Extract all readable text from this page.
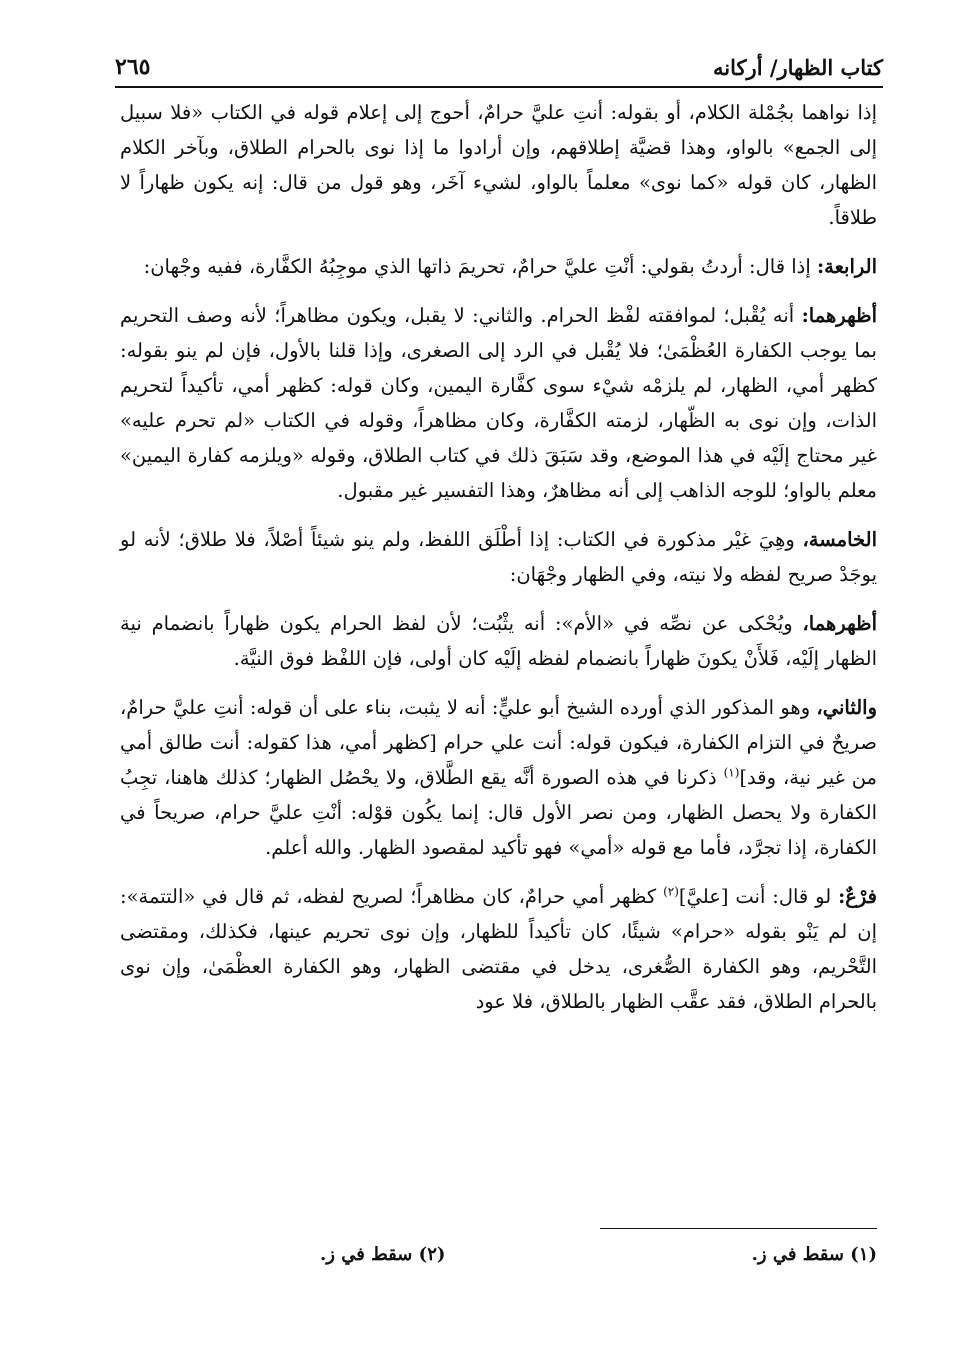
كتاب الظهار/ أركانه
٢٦٥

إذا نواهما بجُمْلة الكلام، أو بقوله: أنتِ عليَّ حرامٌ، أحوج إلى إعلام قوله في الكتاب «فلا سبيل إلى الجمع» بالواو، وهذا قضيَّة إطلاقهم، وإن أرادوا ما إذا نوى بالحرام الطلاق، وبآخر الكلام الظهار، كان قوله «كما نوى» معلماً بالواو، لشيء آخَر، وهو قول من قال: إنه يكون ظهاراً لا طلاقاً.

الرابعة: إذا قال: أردتُ بقولي: أنْتِ عليَّ حرامٌ، تحريمَ ذاتها الذي موجِبُهُ الكفَّارة، ففيه وجْهان:

أظهرهما: أنه يُقْبل؛ لموافقته لفْظ الحرام. والثاني: لا يقبل، ويكون مظاهراً؛ لأنه وصف التحريم بما يوجب الكفارة العُظْمَىٰ؛ فلا يُقْبل في الرد إلى الصغرى، وإذا قلنا بالأول، فإن لم ينو بقوله: كظهر أمي، الظهار، لم يلزمْه شيْء سوى كفَّارة اليمين، وكان قوله: كظهر أمي، تأكيداً لتحريم الذات، وإن نوى به الظّهار، لزمته الكفَّارة، وكان مظاهراً، وقوله في الكتاب «لم تحرم عليه» غير محتاج إلَيْه في هذا الموضع، وقد سَبَقَ ذلك في كتاب الطلاق، وقوله «ويلزمه كفارة اليمين» معلم بالواو؛ للوجه الذاهب إلى أنه مظاهرٌ، وهذا التفسير غير مقبول.

الخامسة، وهِيَ غيْر مذكورة في الكتاب: إذا أطْلَق اللفظ، ولم ينو شيئاً أصْلاً، فلا طلاق؛ لأنه لو يوجَدْ صريح لفظه ولا نيته، وفي الظهار وجْهَان:

أظهرهما، ويُحْكى عن نصِّه في «الأم»: أنه يثْبُت؛ لأن لفظ الحرام يكون ظهاراً بانضمام نية الظهار إلَيْه، فَلأَنْ يكونَ ظهاراً بانضمام لفظه إلَيْه كان أولى، فإن اللفْظ فوق النيَّة.

والثاني، وهو المذكور الذي أورده الشيخ أبو عليٍّ: أنه لا يثبت، بناء على أن قوله: أنتِ عليَّ حرامٌ، صريحٌ في التزام الكفارة، فيكون قوله: أنت علي حرام [كظهر أمي، هذا كقوله: أنت طالق أمي من غير نية، وقد]$^{(١)}$ ذكرنا في هذه الصورة أنَّه يقع الطَّلاق، ولا يحْصُل الظهار؛ كذلك هاهنا، تجِبُ الكفارة ولا يحصل الظهار، ومن نصر الأول قال: إنما يكُون قوْله: أنْتِ عليَّ حرام، صريحاً في الكفارة، إذا تجرَّد، فأما مع قوله «أمي» فهو تأكيد لمقصود الظهار. والله أعلم.

فرْعٌ: لو قال: أنت [عليَّ]$^{(٢)}$ كظهر أمي حرامٌ، كان مظاهراً؛ لصريح لفظه، ثم قال في «التتمة»: إن لم يَنْو بقوله «حرام» شيئًا، كان تأكيداً للظهار، وإن نوى تحريم عينها، فكذلك، ومقتضى التَّحْريم، وهو الكفارة الصُّغرى، يدخل في مقتضى الظهار، وهو الكفارة العظْمَىٰ، وإن نوى بالحرام الطلاق، فقد عقَّب الظهار بالطلاق، فلا عود

(١) سقط في ز.
(٢) سقط في ز.
